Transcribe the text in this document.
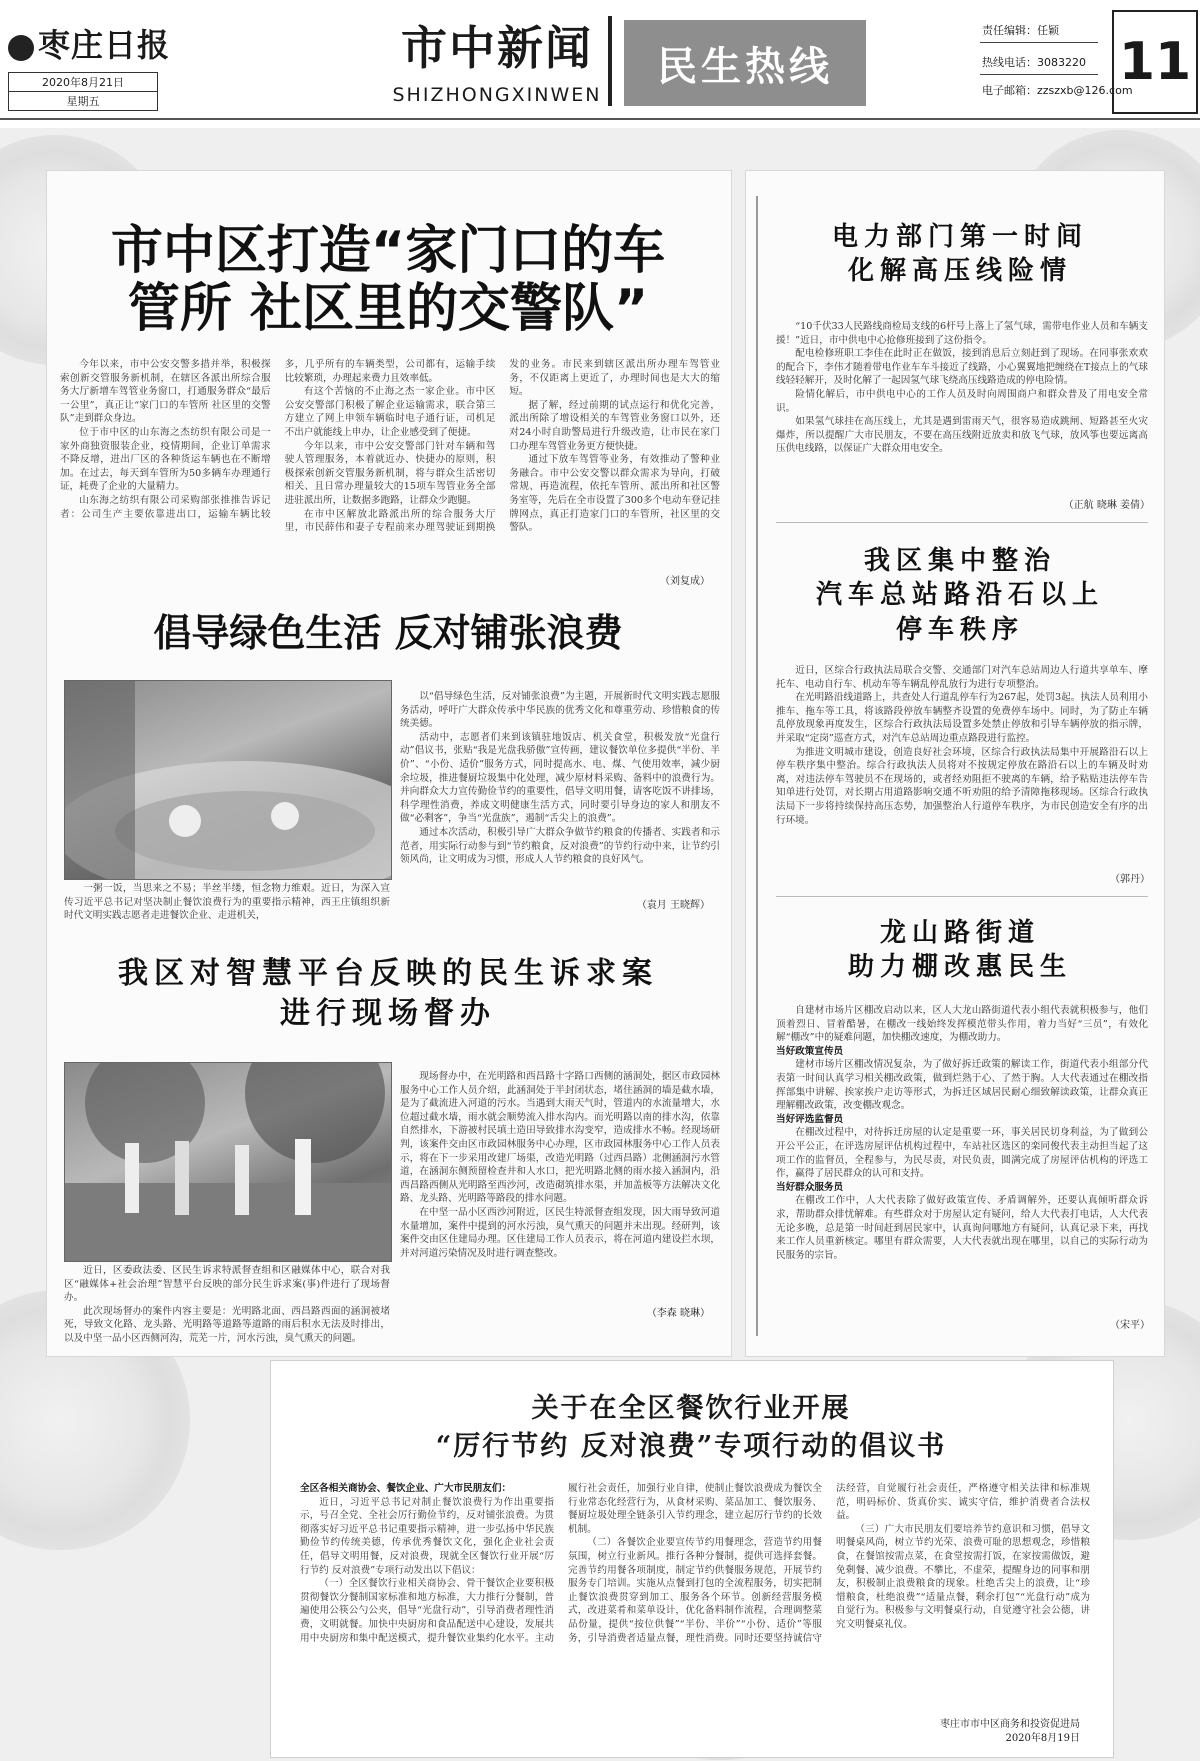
枣庄日报
2020年8月21日
星期五
市中新闻
SHIZHONGXINWEN
民生热线
责任编辑：任颖
热线电话：3083220
电子邮箱：zzszxb@126.com
11
市中区打造“家门口的车
管所 社区里的交警队”

今年以来，市中公安交警多措并举，积极探索创新交管服务新机制，在辖区各派出所综合服务大厅新增车驾管业务窗口，打通服务群众“最后一公里”，真正让“家门口的车管所 社区里的交警队”走到群众身边。

位于市中区的山东海之杰纺织有限公司是一家外商独资服装企业，疫情期间，企业订单需求不降反增，进出厂区的各种货运车辆也在不断增加。在过去，每天到车管所为50多辆车办理通行证，耗费了企业的大量精力。

山东海之纺织有限公司采购部张推推告诉记者：公司生产主要依靠进出口，运输车辆比较多，几乎所有的车辆类型，公司都有，运输手续比较繁琐，办理起来费力且效率低。

有这个苦恼的不止海之杰一家企业。市中区公安交警部门积极了解企业运输需求，联合第三方建立了网上申领车辆临时电子通行证，司机足不出户就能线上申办，让企业感受到了便捷。

今年以来，市中公安交警部门针对车辆和驾驶人管理服务，本着就近办、快捷办的原则，积极探索创新交管服务新机制，将与群众生活密切相关、且日常办理量较大的15项车驾管业务全部进驻派出所，让数据多跑路，让群众少跑腿。

在市中区解放北路派出所的综合服务大厅里，市民薛伟和妻子专程前来办理驾驶证到期换发的业务。市民来到辖区派出所办理车驾管业务，不仅距离上更近了，办理时间也是大大的缩短。

据了解，经过前期的试点运行和优化完善，派出所除了增设相关的车驾管业务窗口以外，还对24小时自助警局进行升级改造，让市民在家门口办理车驾管业务更方便快捷。

通过下放车驾管等业务，有效推动了警种业务融合。市中公安交警以群众需求为导向，打破常规、再造流程，依托车管所、派出所和社区警务室等，先后在全市设置了300多个电动车登记挂牌网点，真正打造家门口的车管所，社区里的交警队。

（刘复成）
倡导绿色生活 反对铺张浪费

一粥一饭，当思来之不易；半丝半缕，恒念物力维艰。近日，为深入宣传习近平总书记对坚决制止餐饮浪费行为的重要指示精神，西王庄镇组织新时代文明实践志愿者走进餐饮企业、走进机关，

以“倡导绿色生活，反对铺张浪费”为主题，开展新时代文明实践志愿服务活动，呼吁广大群众传承中华民族的优秀文化和尊重劳动、珍惜粮食的传统美德。

活动中，志愿者们来到该镇驻地饭店、机关食堂，积极发放“光盘行动”倡议书，张贴“我是光盘我骄傲”宣传画，建议餐饮单位多提供“半份、半价”、“小份、适价”服务方式，同时提高水、电、煤、气使用效率，减少厨余垃圾，推进餐厨垃圾集中化处理，减少原材料采购、备料中的浪费行为。并向群众大力宣传勤俭节约的重要性，倡导文明用餐，请客吃饭不讲排场，科学理性消费，养成文明健康生活方式，同时要引导身边的家人和朋友不做“必剩客”，争当“光盘族”，遏制“舌尖上的浪费”。

通过本次活动，积极引导广大群众争做节约粮食的传播者、实践者和示范者，用实际行动参与到“节约粮食，反对浪费”的节约行动中来，让节约引领风尚，让文明成为习惯，形成人人节约粮食的良好风气。

（袁月 王晓辉）
我区对智慧平台反映的民生诉求案
进行现场督办

近日，区委政法委、区民生诉求特派督查组和区融媒体中心，联合对我区“融媒体+社会治理”智慧平台反映的部分民生诉求案(事)件进行了现场督办。

此次现场督办的案件内容主要是：光明路北面、西昌路西面的涵洞被堵死，导致文化路、龙头路、光明路等道路等道路的雨后积水无法及时排出，以及中坚一品小区西侧河沟，荒芜一片，河水污浊，臭气熏天的问题。

现场督办中，在光明路和西昌路十字路口西侧的涵洞处，据区市政园林服务中心工作人员介绍，此涵洞处于半封闭状态，堵住涵洞的墙是截水墙，是为了截流进入河道的污水。当遇到大雨天气时，管道内的水流量增大，水位超过截水墙，雨水就会顺势流入排水沟内。而光明路以南的排水沟，依靠自然排水，下游被村民填土造田导致排水沟变窄，造成排水不畅。经现场研判，该案件交由区市政园林服务中心办理，区市政园林服务中心工作人员表示，将在下一步采用改建厂场渠，改造光明路（过西昌路）北侧涵洞污水管道，在涵洞东侧预留检查井和人水口，把光明路北侧的雨水接入涵洞内，沿西昌路西侧从光明路至西沙河，改造砌筑排水渠，并加盖板等方法解决文化路、龙头路、光明路等路段的排水问题。

在中坚一品小区西沙河附近，区民生特派督查组发现，因大雨导致河道水量增加，案件中提到的河水污浊，臭气熏天的问题并未出现。经研判，该案件交由区住建局办理。区住建局工作人员表示，将在河道内建设拦水坝，并对河道污染情况及时进行调查整改。

（李森 晓琳）
电力部门第一时间
化解高压线险情

“10千伏33人民路线商检局支线的6杆号上落上了氢气球，需带电作业人员和车辆支援！”近日，市中供电中心抢修班接到了这份指令。

配电检修班职工李佳在此时正在做饭，接到消息后立刻赶到了现场。在同事张欢欢的配合下，李伟才随着带电作业车车斗接近了线路，小心翼翼地把缠绕在T接点上的气球线轻轻解开，及时化解了一起因氢气球飞绕高压线路造成的停电险情。

险情化解后，市中供电中心的工作人员及时向周围商户和群众普及了用电安全常识。

如果氢气球挂在高压线上，尤其是遇到雷雨天气，很容易造成跳闸、短路甚至火灾爆炸，所以提醒广大市民朋友，不要在高压线附近放卖和放飞气球，放风筝也要远离高压供电线路，以保证广大群众用电安全。

（正航 晓琳 姜倩）
我区集中整治
汽车总站路沿石以上
停车秩序

近日，区综合行政执法局联合交警、交通部门对汽车总站周边人行道共享单车、摩托车、电动自行车、机动车等车辆乱停乱放行为进行专项整治。

在光明路沿线道路上，共查处人行道乱停车行为267起，处罚3起。执法人员利用小推车、拖车等工具，将该路段停放车辆整齐设置的免费停车场中。同时，为了防止车辆乱停放现象再度发生，区综合行政执法局设置多处禁止停放和引导车辆停放的指示牌，并采取“定岗”巡查方式，对汽车总站周边重点路段进行监控。

为推进文明城市建设，创造良好社会环境，区综合行政执法局集中开展路沿石以上停车秩序集中整治。综合行政执法人员将对不按规定停放在路沿石以上的车辆及时劝离，对违法停车驾驶员不在现场的，或者经劝阻拒不驶离的车辆，给予粘贴违法停车告知单进行处罚，对长期占用道路影响交通不听劝阻的给予清障拖移现场。区综合行政执法局下一步将持续保持高压态势，加强整治人行道停车秩序，为市民创造安全有序的出行环境。

（郭丹）
龙山路街道
助力棚改惠民生

自建材市场片区棚改启动以来，区人大龙山路街道代表小组代表就积极参与，他们顶着烈日、冒着酷暑，在棚改一线始终发挥模范带头作用，着力当好“三员”，有效化解“棚改”中的疑难问题，加快棚改速度，为棚改助力。

当好政策宣传员

建材市场片区棚改情况复杂，为了做好拆迁政策的解读工作，街道代表小组部分代表第一时间认真学习相关棚改政策，做到烂熟于心、了然于胸。人大代表通过在棚改指挥部集中讲解、挨家挨户走访等形式，为拆迁区域居民耐心细致解读政策，让群众真正理解棚改政策，改变棚改观念。

当好评选监督员

在棚改过程中，对待拆迁房屋的认定是重要一环，事关居民切身利益，为了做到公开公平公正，在评选房屋评估机构过程中，车站社区选区的栾同俊代表主动担当起了这项工作的监督员，全程参与，为民尽责，对民负责，圆满完成了房屋评估机构的评选工作，赢得了居民群众的认可和支持。

当好群众服务员

在棚改工作中，人大代表除了做好政策宣传、矛盾调解外，还要认真倾听群众诉求，帮助群众排忧解难。有些群众对于房屋认定有疑问，给人大代表打电话，人大代表无论多晚，总是第一时间赶到居民家中，认真询问哪地方有疑问，认真记录下来，再找来工作人员重新核定。哪里有群众需要，人大代表就出现在哪里，以自己的实际行动为民服务的宗旨。

（宋平）
关于在全区餐饮行业开展
“厉行节约 反对浪费”专项行动的倡议书

全区各相关商协会、餐饮企业、广大市民朋友们：

近日，习近平总书记对制止餐饮浪费行为作出重要指示，号召全党、全社会厉行勤俭节约，反对铺张浪费。为贯彻落实好习近平总书记重要指示精神，进一步弘扬中华民族勤俭节约传统美德，传承优秀餐饮文化，强化企业社会责任，倡导文明用餐，反对浪费，现就全区餐饮行业开展“厉行节约 反对浪费”专项行动发出以下倡议：

（一）全区餐饮行业相关商协会、骨干餐饮企业要积极贯彻餐饮分餐制国家标准和地方标准，大力推行分餐制，普遍使用公筷公勺公夹，倡导“光盘行动”，引导消费者理性消费，文明就餐。加快中央厨房和食品配送中心建设，发展共用中央厨房和集中配送模式，提升餐饮业集约化水平。主动履行社会责任，加强行业自律，使制止餐饮浪费成为餐饮全行业常态化经营行为，从食材采购、菜品加工、餐饮服务、餐厨垃圾处理全链条引入节约理念，建立起厉行节约的长效机制。

（二）各餐饮企业要宣传节约用餐理念，营造节约用餐氛围，树立行业新风。推行各种分餐制，提供可选择套餐。完善节约用餐各项制度，制定节约供餐服务规范，开展节约服务专门培训。实施从点餐到打包的全流程服务，切实把制止餐饮浪费贯穿到加工、服务各个环节。创新经营服务模式，改进菜肴和菜单设计，优化备料制作流程，合理调整菜品份量，提供“按位供餐”“半份、半价”“小份、适价”等服务，引导消费者适量点餐，理性消费。同时还要坚持诚信守法经营，自觉履行社会责任，严格遵守相关法律和标准规范，明码标价、货真价实、诚实守信，维护消费者合法权益。

（三）广大市民朋友们要培养节约意识和习惯，倡导文明餐桌风尚，树立节约光荣、浪费可耻的思想观念，珍惜粮食，在餐馆按需点菜，在食堂按需打饭，在家按需做饭，避免剩餐、减少浪费。不攀比，不虚荣，提醒身边的同事和朋友，积极制止浪费粮食的现象。杜绝舌尖上的浪费，让“珍惜粮食，杜绝浪费”“适量点餐，剩余打包”“光盘行动”成为自觉行为。积极参与文明餐桌行动，自觉遵守社会公德，讲究文明餐桌礼仪。

枣庄市市中区商务和投资促进局
2020年8月19日
